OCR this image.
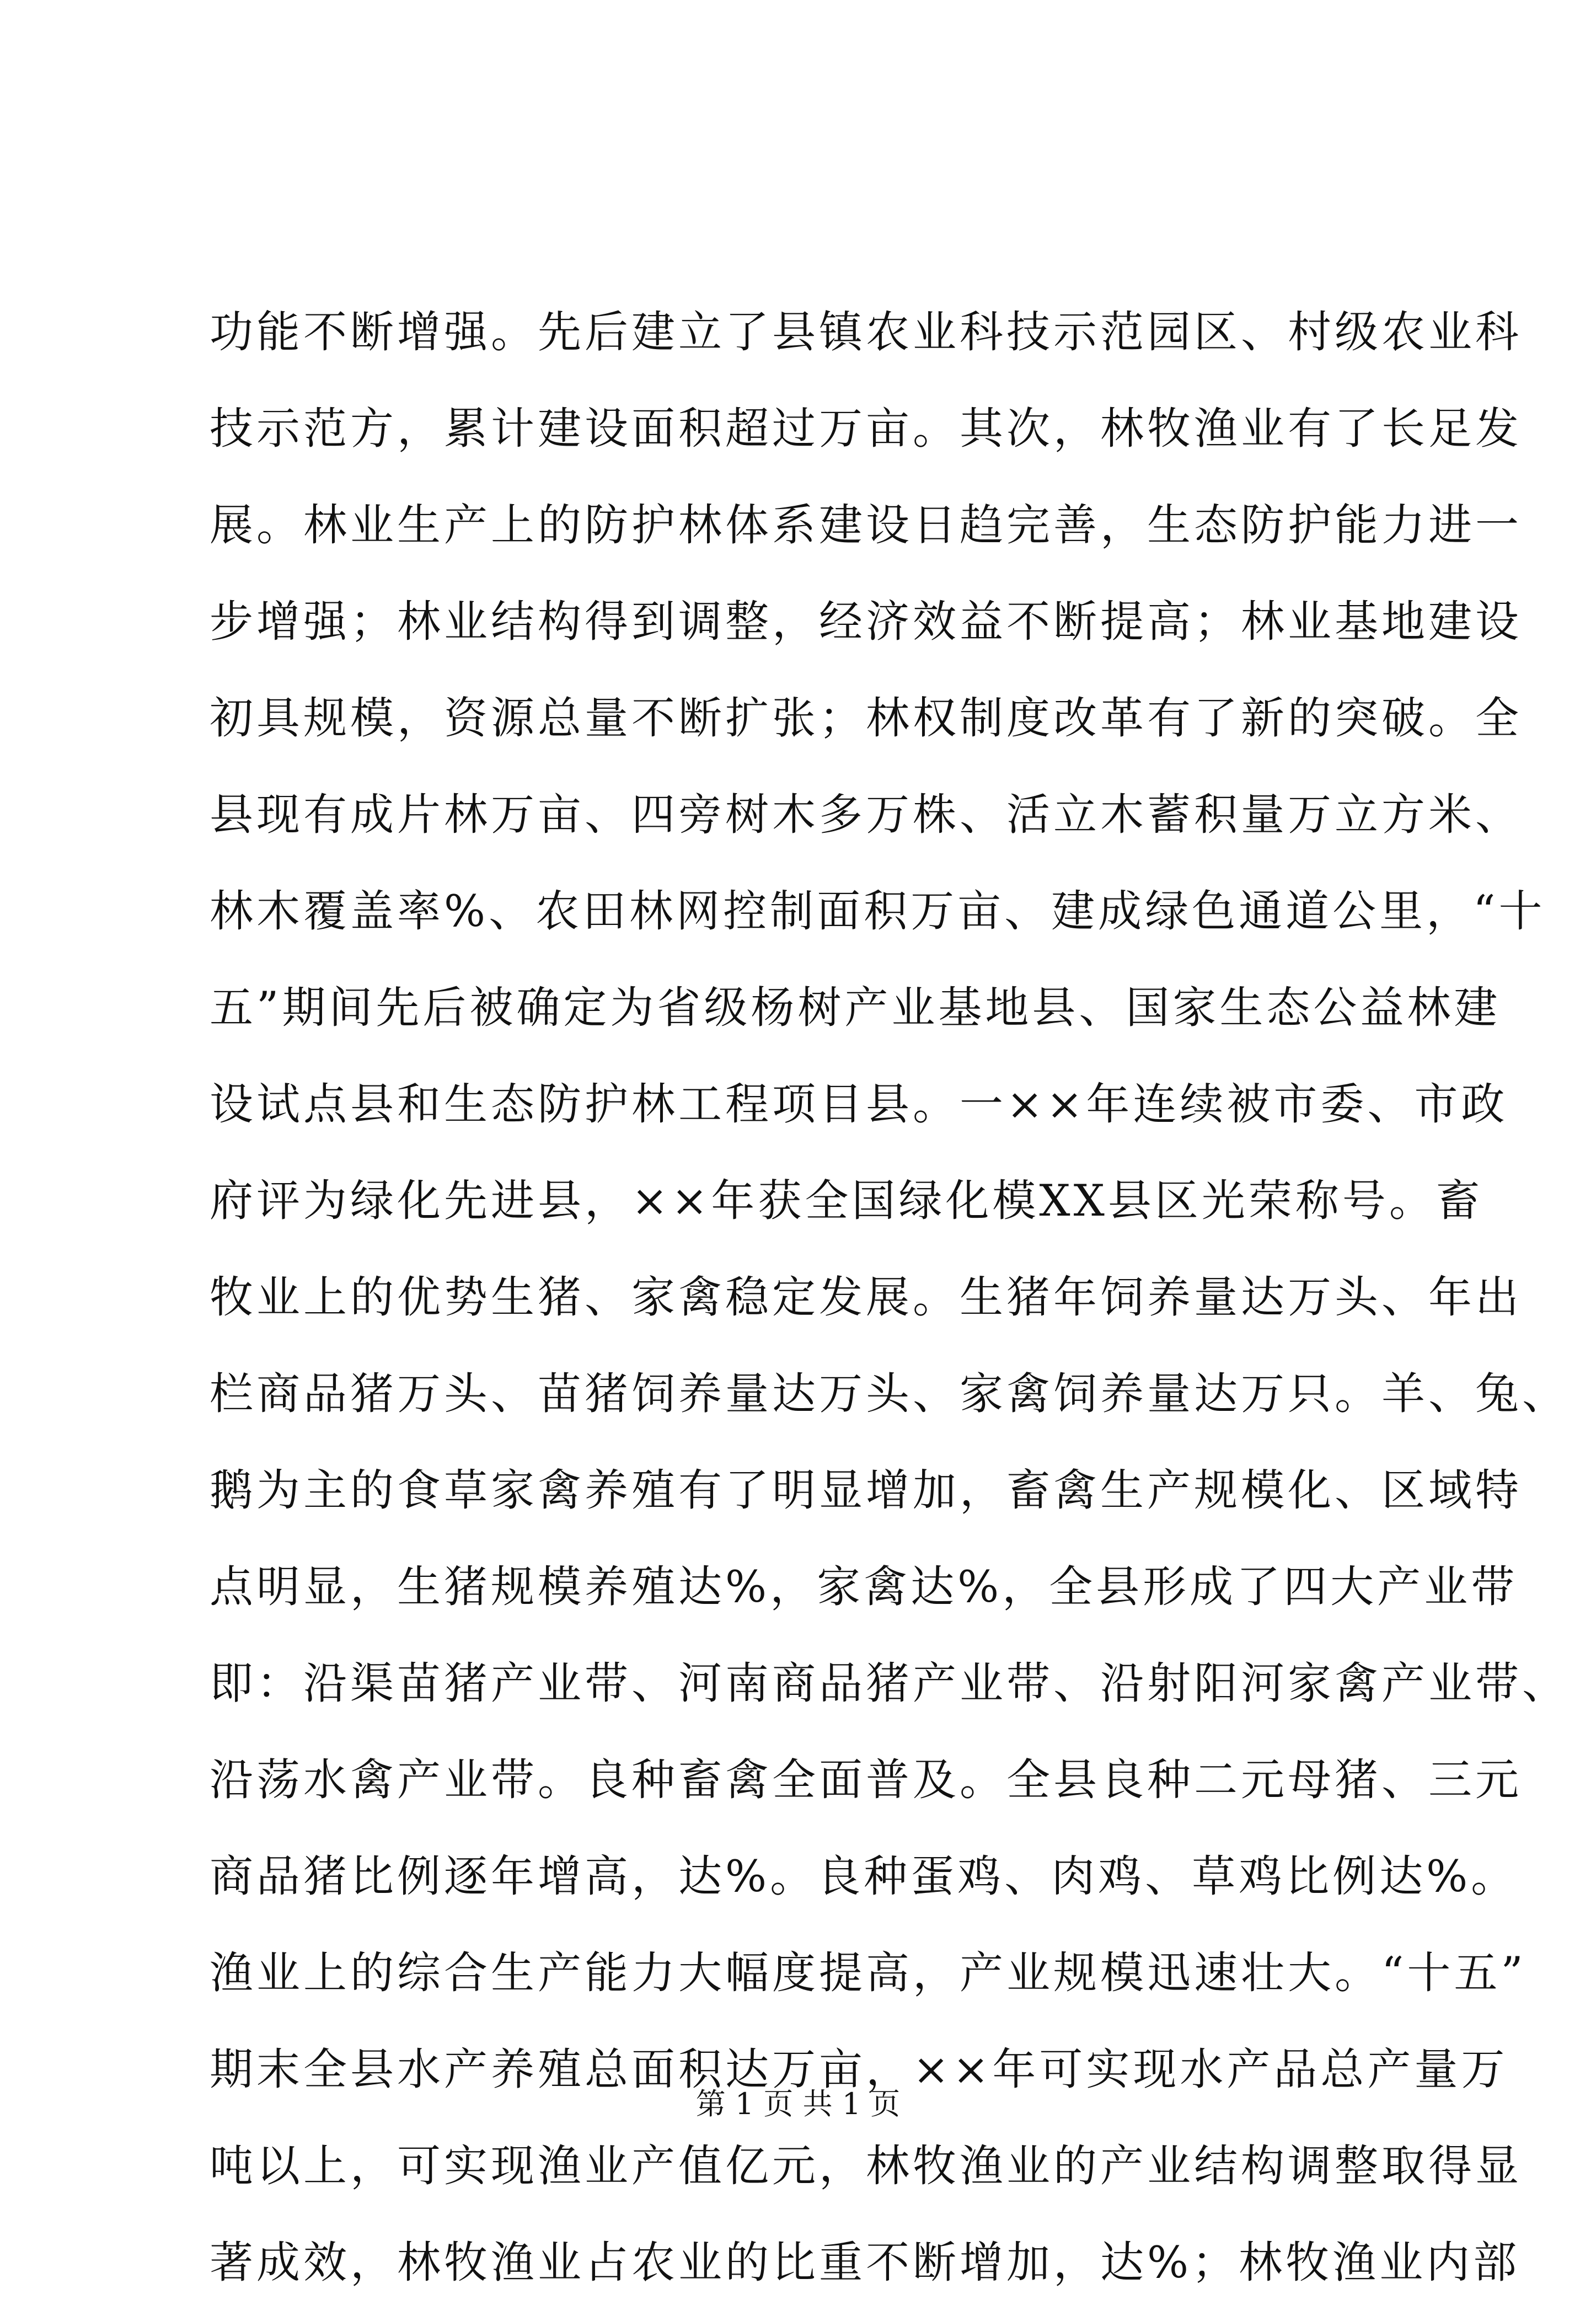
功能不断增强。先后建立了县镇农业科技示范园区、村级农业科
技示范方，累计建设面积超过万亩。其次，林牧渔业有了长足发
展。林业生产上的防护林体系建设日趋完善，生态防护能力进一
步增强；林业结构得到调整，经济效益不断提高；林业基地建设
初具规模，资源总量不断扩张；林权制度改革有了新的突破。全
县现有成片林万亩、四旁树木多万株、活立木蓄积量万立方米、
林木覆盖率%、农田林网控制面积万亩、建成绿色通道公里，“十
五”期间先后被确定为省级杨树产业基地县、国家生态公益林建
设试点县和生态防护林工程项目县。一××年连续被市委、市政
府评为绿化先进县，××年获全国绿化模XX县区光荣称号。畜
牧业上的优势生猪、家禽稳定发展。生猪年饲养量达万头、年出
栏商品猪万头、苗猪饲养量达万头、家禽饲养量达万只。羊、兔、
鹅为主的食草家禽养殖有了明显增加，畜禽生产规模化、区域特
点明显，生猪规模养殖达%，家禽达%，全县形成了四大产业带
即：沿渠苗猪产业带、河南商品猪产业带、沿射阳河家禽产业带、
沿荡水禽产业带。良种畜禽全面普及。全县良种二元母猪、三元
商品猪比例逐年增高，达%。良种蛋鸡、肉鸡、草鸡比例达%。
渔业上的综合生产能力大幅度提高，产业规模迅速壮大。“十五”
期末全县水产养殖总面积达万亩，××年可实现水产品总产量万
吨以上，可实现渔业产值亿元，林牧渔业的产业结构调整取得显
著成效，林牧渔业占农业的比重不断增加，达%；林牧渔业内部
第 1 页 共 1 页
